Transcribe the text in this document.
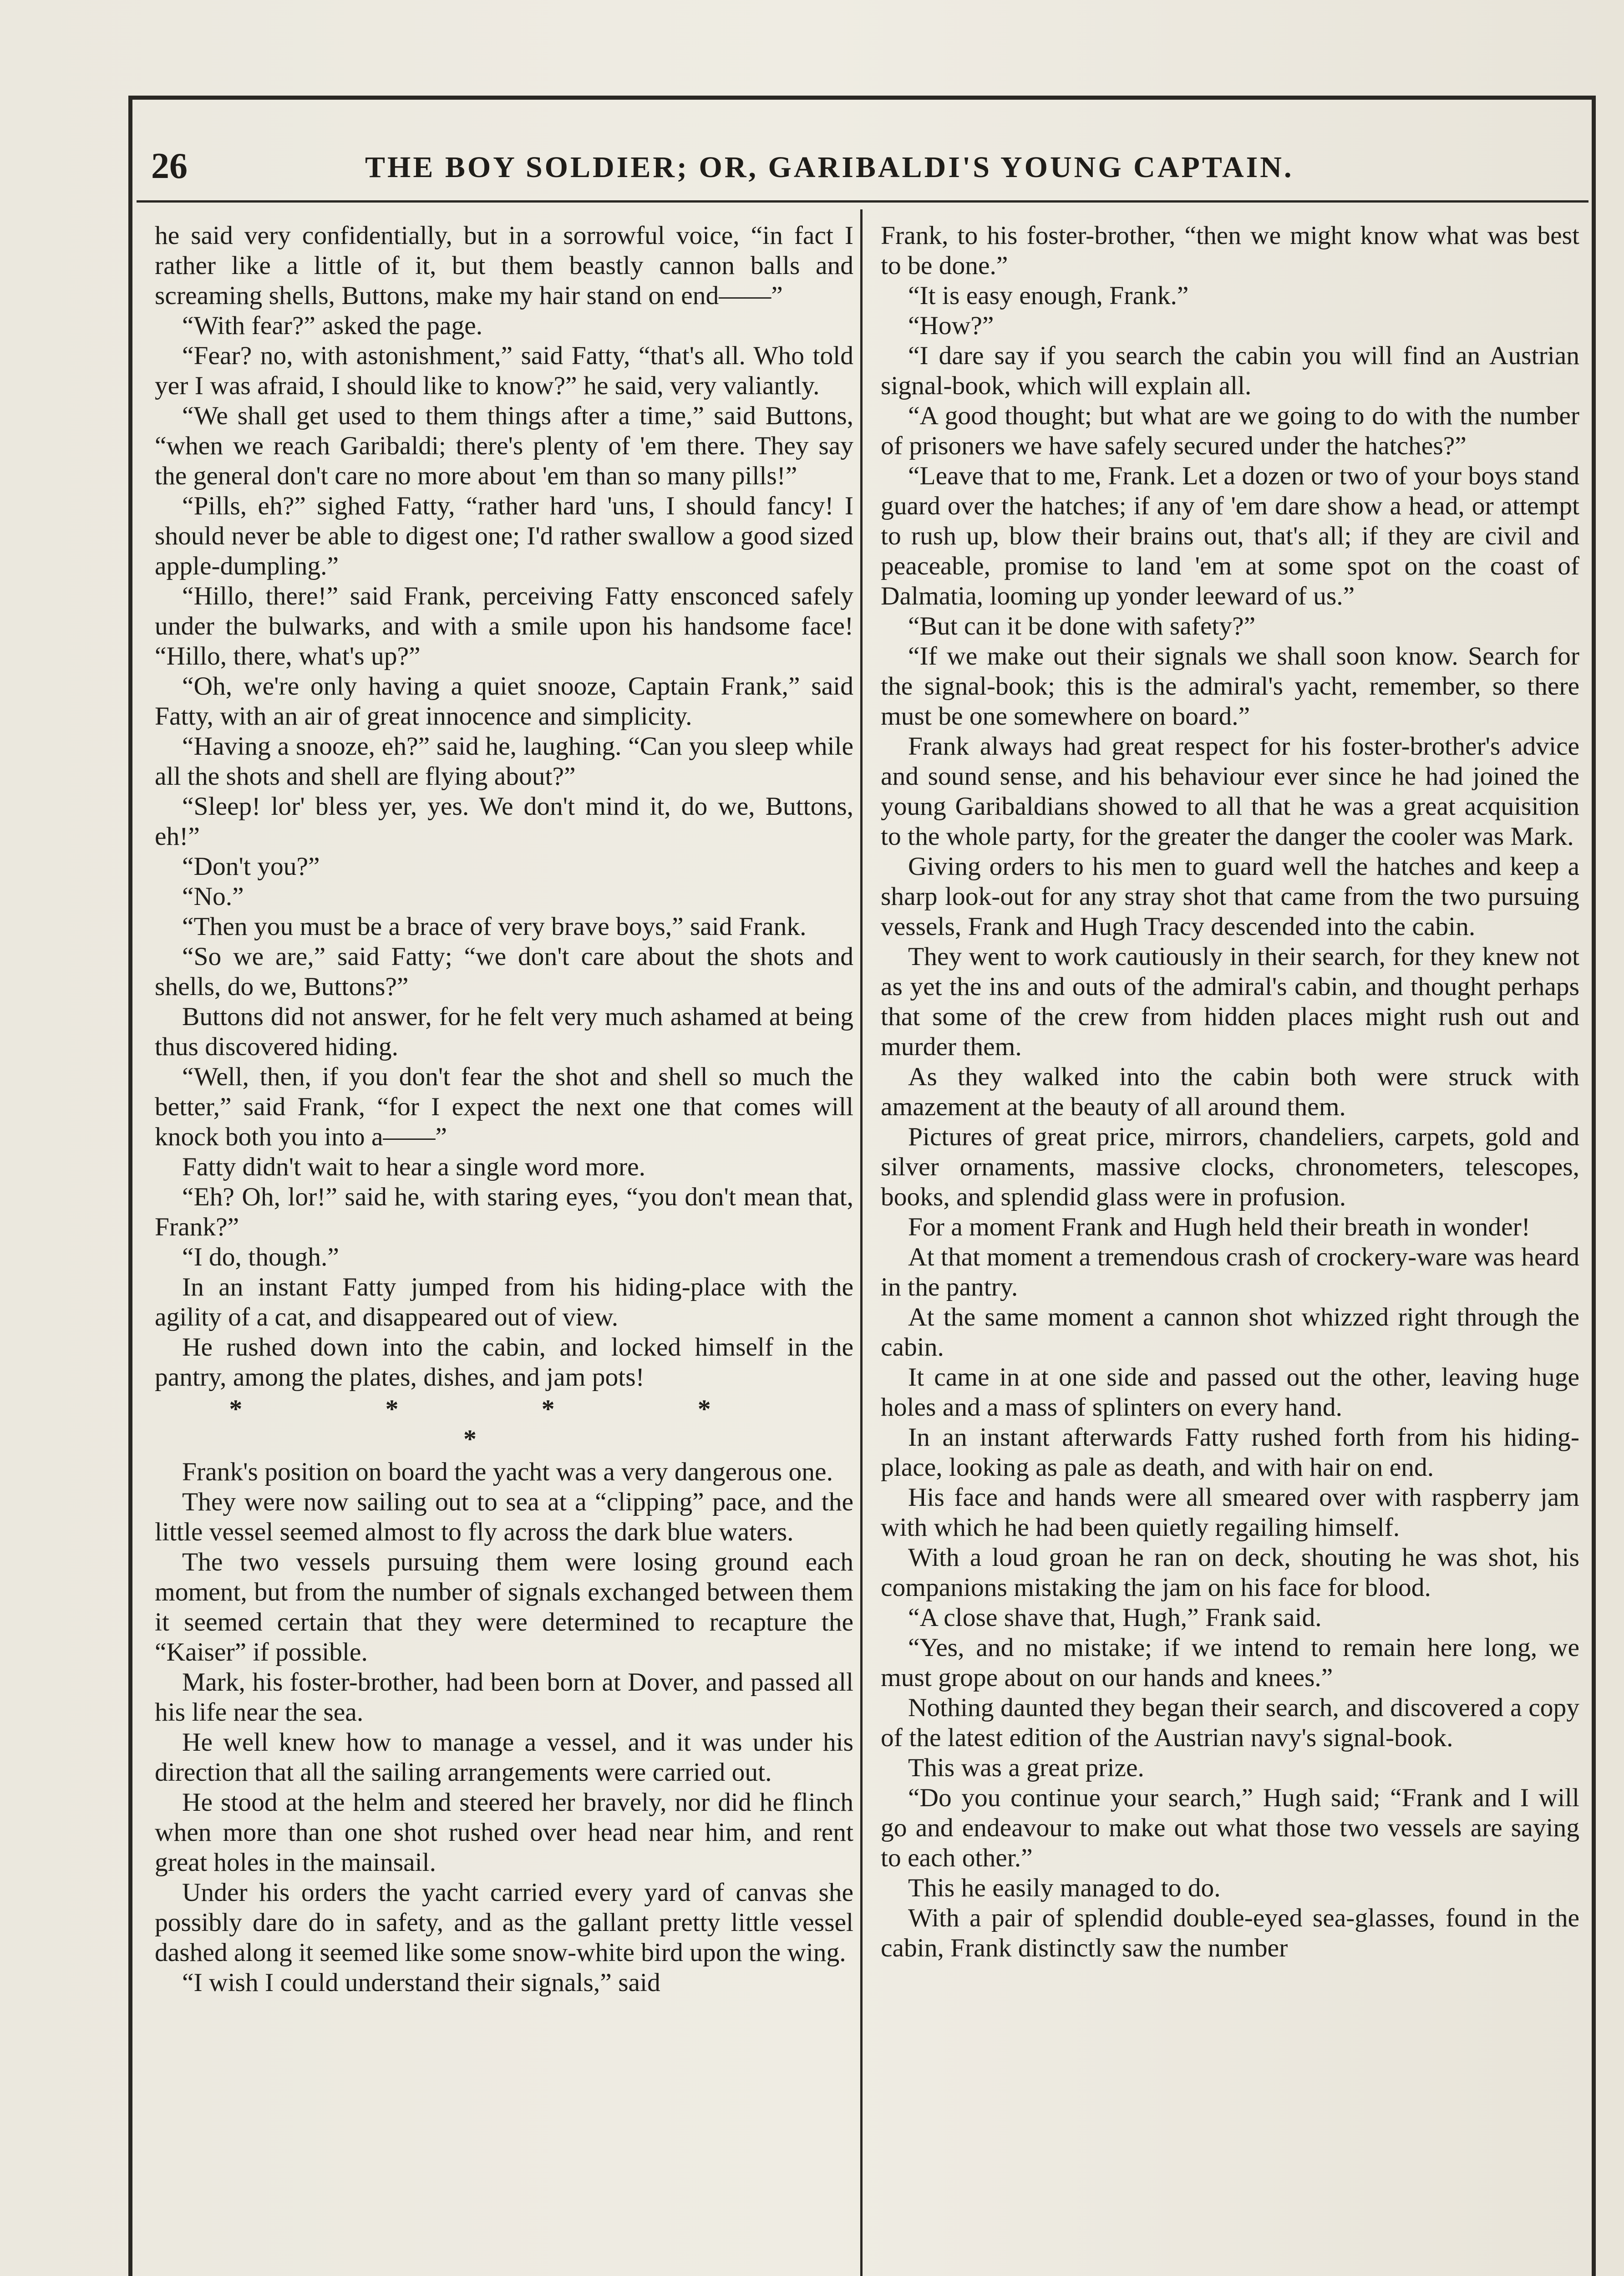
26	THE BOY SOLDIER; OR, GARIBALDI'S YOUNG CAPTAIN.

he said very confidentially, but in a sorrowful voice, “in fact I rather like a little of it, but them beastly cannon balls and screaming shells, Buttons, make my hair stand on end——”

“With fear?” asked the page.

“Fear? no, with astonishment,” said Fatty, “that's all. Who told yer I was afraid, I should like to know?” he said, very valiantly.

“We shall get used to them things after a time,” said Buttons, “when we reach Garibaldi; there's plenty of 'em there. They say the general don't care no more about 'em than so many pills!”

“Pills, eh?” sighed Fatty, “rather hard 'uns, I should fancy! I should never be able to digest one; I'd rather swallow a good sized apple-dumpling.”

“Hillo, there!” said Frank, perceiving Fatty ensconced safely under the bulwarks, and with a smile upon his handsome face! “Hillo, there, what's up?”

“Oh, we're only having a quiet snooze, Captain Frank,” said Fatty, with an air of great innocence and simplicity.

“Having a snooze, eh?” said he, laughing. “Can you sleep while all the shots and shell are flying about?”

“Sleep! lor' bless yer, yes. We don't mind it, do we, Buttons, eh!”

“Don't you?”

“No.”

“Then you must be a brace of very brave boys,” said Frank.

“So we are,” said Fatty; “we don't care about the shots and shells, do we, Buttons?”

Buttons did not answer, for he felt very much ashamed at being thus discovered hiding.

“Well, then, if you don't fear the shot and shell so much the better,” said Frank, “for I expect the next one that comes will knock both you into a——”

Fatty didn't wait to hear a single word more.

“Eh? Oh, lor!” said he, with staring eyes, “you don't mean that, Frank?”

“I do, though.”

In an instant Fatty jumped from his hiding-place with the agility of a cat, and disappeared out of view.

He rushed down into the cabin, and locked himself in the pantry, among the plates, dishes, and jam pots!

* * * * *

Frank's position on board the yacht was a very dangerous one.

They were now sailing out to sea at a “clipping” pace, and the little vessel seemed almost to fly across the dark blue waters.

The two vessels pursuing them were losing ground each moment, but from the number of signals exchanged between them it seemed certain that they were determined to recapture the “Kaiser” if possible.

Mark, his foster-brother, had been born at Dover, and passed all his life near the sea.

He well knew how to manage a vessel, and it was under his direction that all the sailing arrangements were carried out.

He stood at the helm and steered her bravely, nor did he flinch when more than one shot rushed over head near him, and rent great holes in the mainsail.

Under his orders the yacht carried every yard of canvas she possibly dare do in safety, and as the gallant pretty little vessel dashed along it seemed like some snow-white bird upon the wing.

“I wish I could understand their signals,” said

Frank, to his foster-brother, “then we might know what was best to be done.”

“It is easy enough, Frank.”

“How?”

“I dare say if you search the cabin you will find an Austrian signal-book, which will explain all.

“A good thought; but what are we going to do with the number of prisoners we have safely secured under the hatches?”

“Leave that to me, Frank. Let a dozen or two of your boys stand guard over the hatches; if any of 'em dare show a head, or attempt to rush up, blow their brains out, that's all; if they are civil and peaceable, promise to land 'em at some spot on the coast of Dalmatia, looming up yonder leeward of us.”

“But can it be done with safety?”

“If we make out their signals we shall soon know. Search for the signal-book; this is the admiral's yacht, remember, so there must be one somewhere on board.”

Frank always had great respect for his foster-brother's advice and sound sense, and his behaviour ever since he had joined the young Garibaldians showed to all that he was a great acquisition to the whole party, for the greater the danger the cooler was Mark.

Giving orders to his men to guard well the hatches and keep a sharp look-out for any stray shot that came from the two pursuing vessels, Frank and Hugh Tracy descended into the cabin.

They went to work cautiously in their search, for they knew not as yet the ins and outs of the admiral's cabin, and thought perhaps that some of the crew from hidden places might rush out and murder them.

As they walked into the cabin both were struck with amazement at the beauty of all around them.

Pictures of great price, mirrors, chandeliers, carpets, gold and silver ornaments, massive clocks, chronometers, telescopes, books, and splendid glass were in profusion.

For a moment Frank and Hugh held their breath in wonder!

At that moment a tremendous crash of crockery-ware was heard in the pantry.

At the same moment a cannon shot whizzed right through the cabin.

It came in at one side and passed out the other, leaving huge holes and a mass of splinters on every hand.

In an instant afterwards Fatty rushed forth from his hiding-place, looking as pale as death, and with hair on end.

His face and hands were all smeared over with raspberry jam with which he had been quietly regailing himself.

With a loud groan he ran on deck, shouting he was shot, his companions mistaking the jam on his face for blood.

“A close shave that, Hugh,” Frank said.

“Yes, and no mistake; if we intend to remain here long, we must grope about on our hands and knees.”

Nothing daunted they began their search, and discovered a copy of the latest edition of the Austrian navy's signal-book.

This was a great prize.

“Do you continue your search,” Hugh said; “Frank and I will go and endeavour to make out what those two vessels are saying to each other.”

This he easily managed to do.

With a pair of splendid double-eyed sea-glasses, found in the cabin, Frank distinctly saw the number
